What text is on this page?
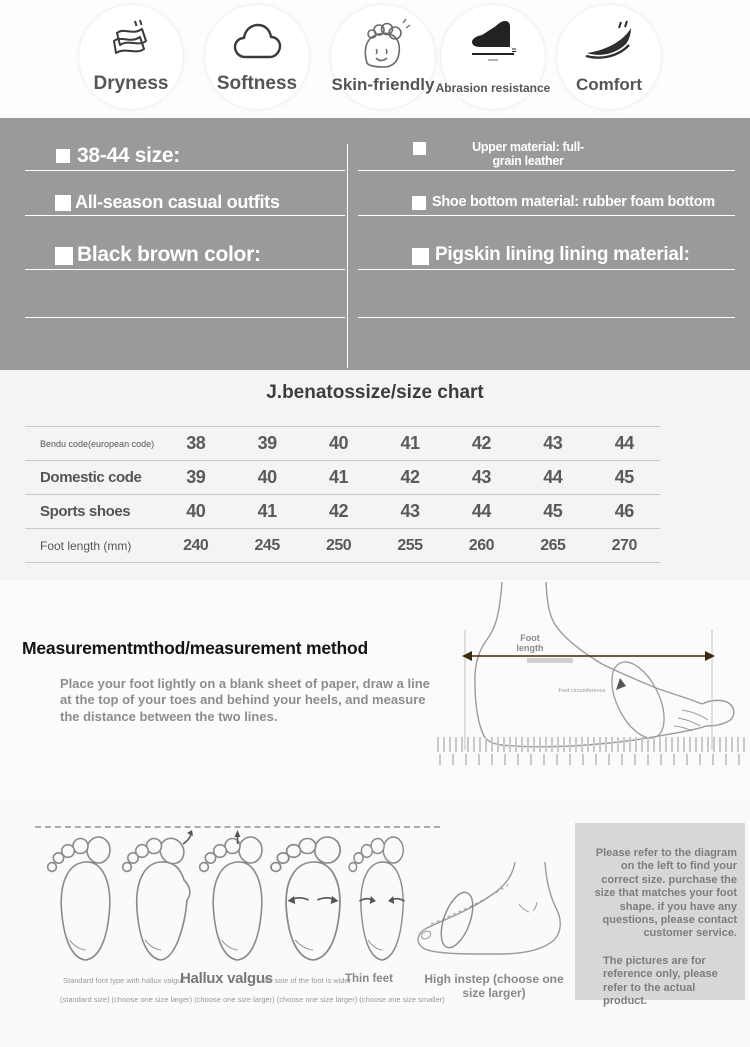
Dryness	Softness Skin-friendly Abrasion resistance Comfort
38-44 size:
All-season casual outfits
Black brown color:
Upper material: full-grain leather
Shoe bottom material: rubber foam bottom
Pigskin lining lining material:
J.benatossize/size chart
Bendu code(european code)	38	39	40	41	42	43	44
Domestic code	39	40	41	42	43	44	45
Sports shoes	40	41	42	43	44	45	46
Foot length (mm)	240	245	250	255	260	265	270
Measurementmthod/measurement method
Place your foot lightly on a blank sheet of paper, draw a line at the top of your toes and behind your heels, and measure the distance between the two lines.
Foot length
Foot circumference
Standard foot type with hallux valgus
Hallux valgus
the sole of the foot is wider
Thin feet
(standard size) (choose one size larger) (choose one size larger) (choose one size larger) (choose one size smaller)
High instep (choose one size larger)
Please refer to the diagram on the left to find your correct size. purchase the size that matches your foot shape. if you have any questions, please contact customer service.
The pictures are for reference only, please refer to the actual product.
